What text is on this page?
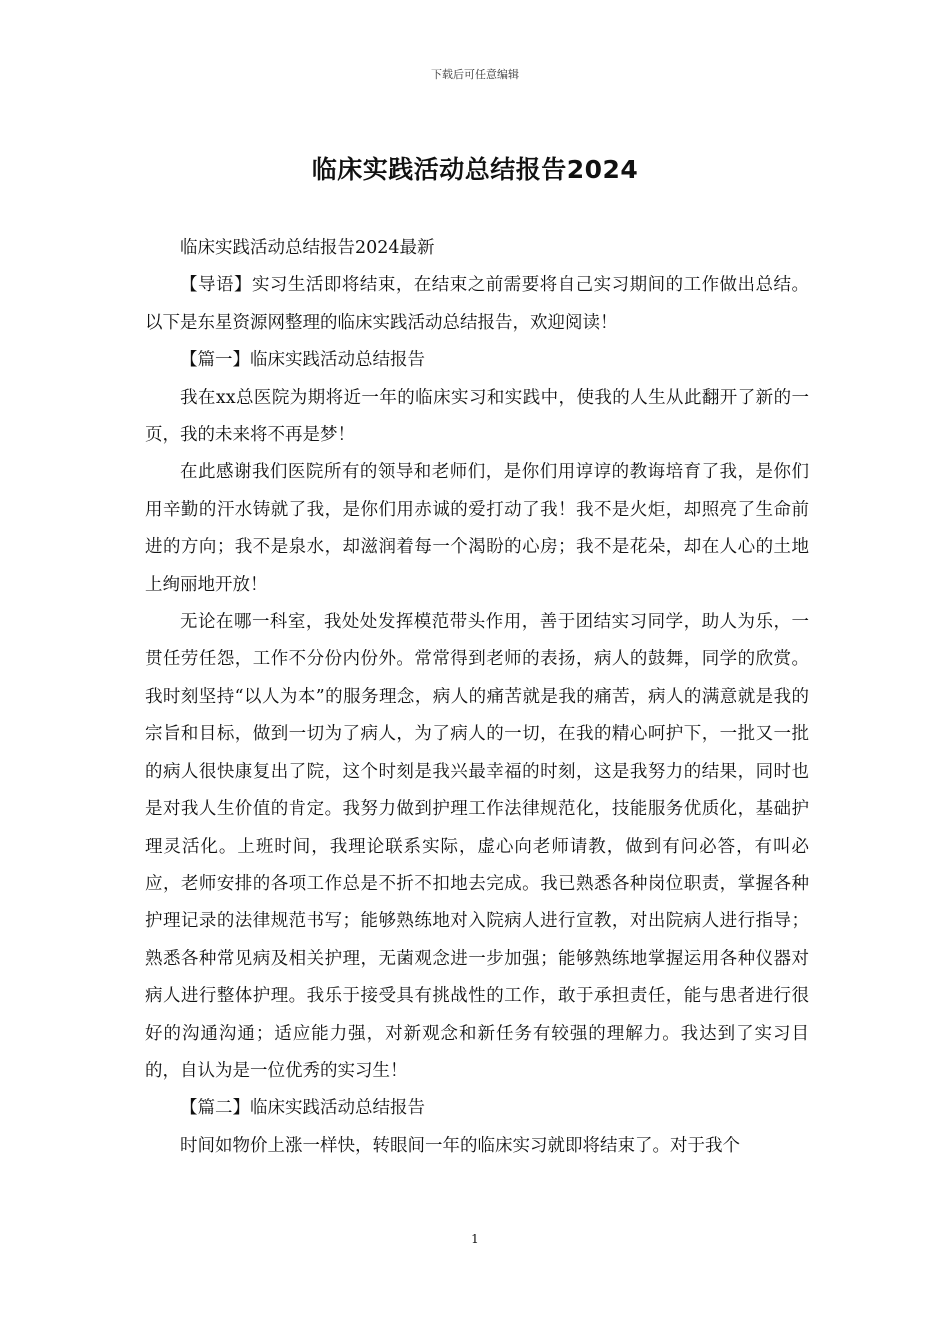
下载后可任意编辑
临床实践活动总结报告2024

临床实践活动总结报告2024最新

【导语】实习生活即将结束，在结束之前需要将自己实习期间的工作做出总结。以下是东星资源网整理的临床实践活动总结报告，欢迎阅读！

【篇一】临床实践活动总结报告

我在xx总医院为期将近一年的临床实习和实践中，使我的人生从此翻开了新的一页，我的未来将不再是梦！

在此感谢我们医院所有的领导和老师们，是你们用谆谆的教诲培育了我，是你们用辛勤的汗水铸就了我，是你们用赤诚的爱打动了我！我不是火炬，却照亮了生命前进的方向；我不是泉水，却滋润着每一个渴盼的心房；我不是花朵，却在人心的土地上绚丽地开放！

无论在哪一科室，我处处发挥模范带头作用，善于团结实习同学，助人为乐，一贯任劳任怨，工作不分份内份外。常常得到老师的表扬，病人的鼓舞，同学的欣赏。我时刻坚持“以人为本”的服务理念，病人的痛苦就是我的痛苦，病人的满意就是我的宗旨和目标，做到一切为了病人，为了病人的一切，在我的精心呵护下，一批又一批的病人很快康复出了院，这个时刻是我兴最幸福的时刻，这是我努力的结果，同时也是对我人生价值的肯定。我努力做到护理工作法律规范化，技能服务优质化，基础护理灵活化。上班时间，我理论联系实际，虚心向老师请教，做到有问必答，有叫必应，老师安排的各项工作总是不折不扣地去完成。我已熟悉各种岗位职责，掌握各种护理记录的法律规范书写；能够熟练地对入院病人进行宣教，对出院病人进行指导；熟悉各种常见病及相关护理，无菌观念进一步加强；能够熟练地掌握运用各种仪器对病人进行整体护理。我乐于接受具有挑战性的工作，敢于承担责任，能与患者进行很好的沟通沟通；适应能力强，对新观念和新任务有较强的理解力。我达到了实习目的，自认为是一位优秀的实习生！

【篇二】临床实践活动总结报告

时间如物价上涨一样快，转眼间一年的临床实习就即将结束了。对于我个

1
